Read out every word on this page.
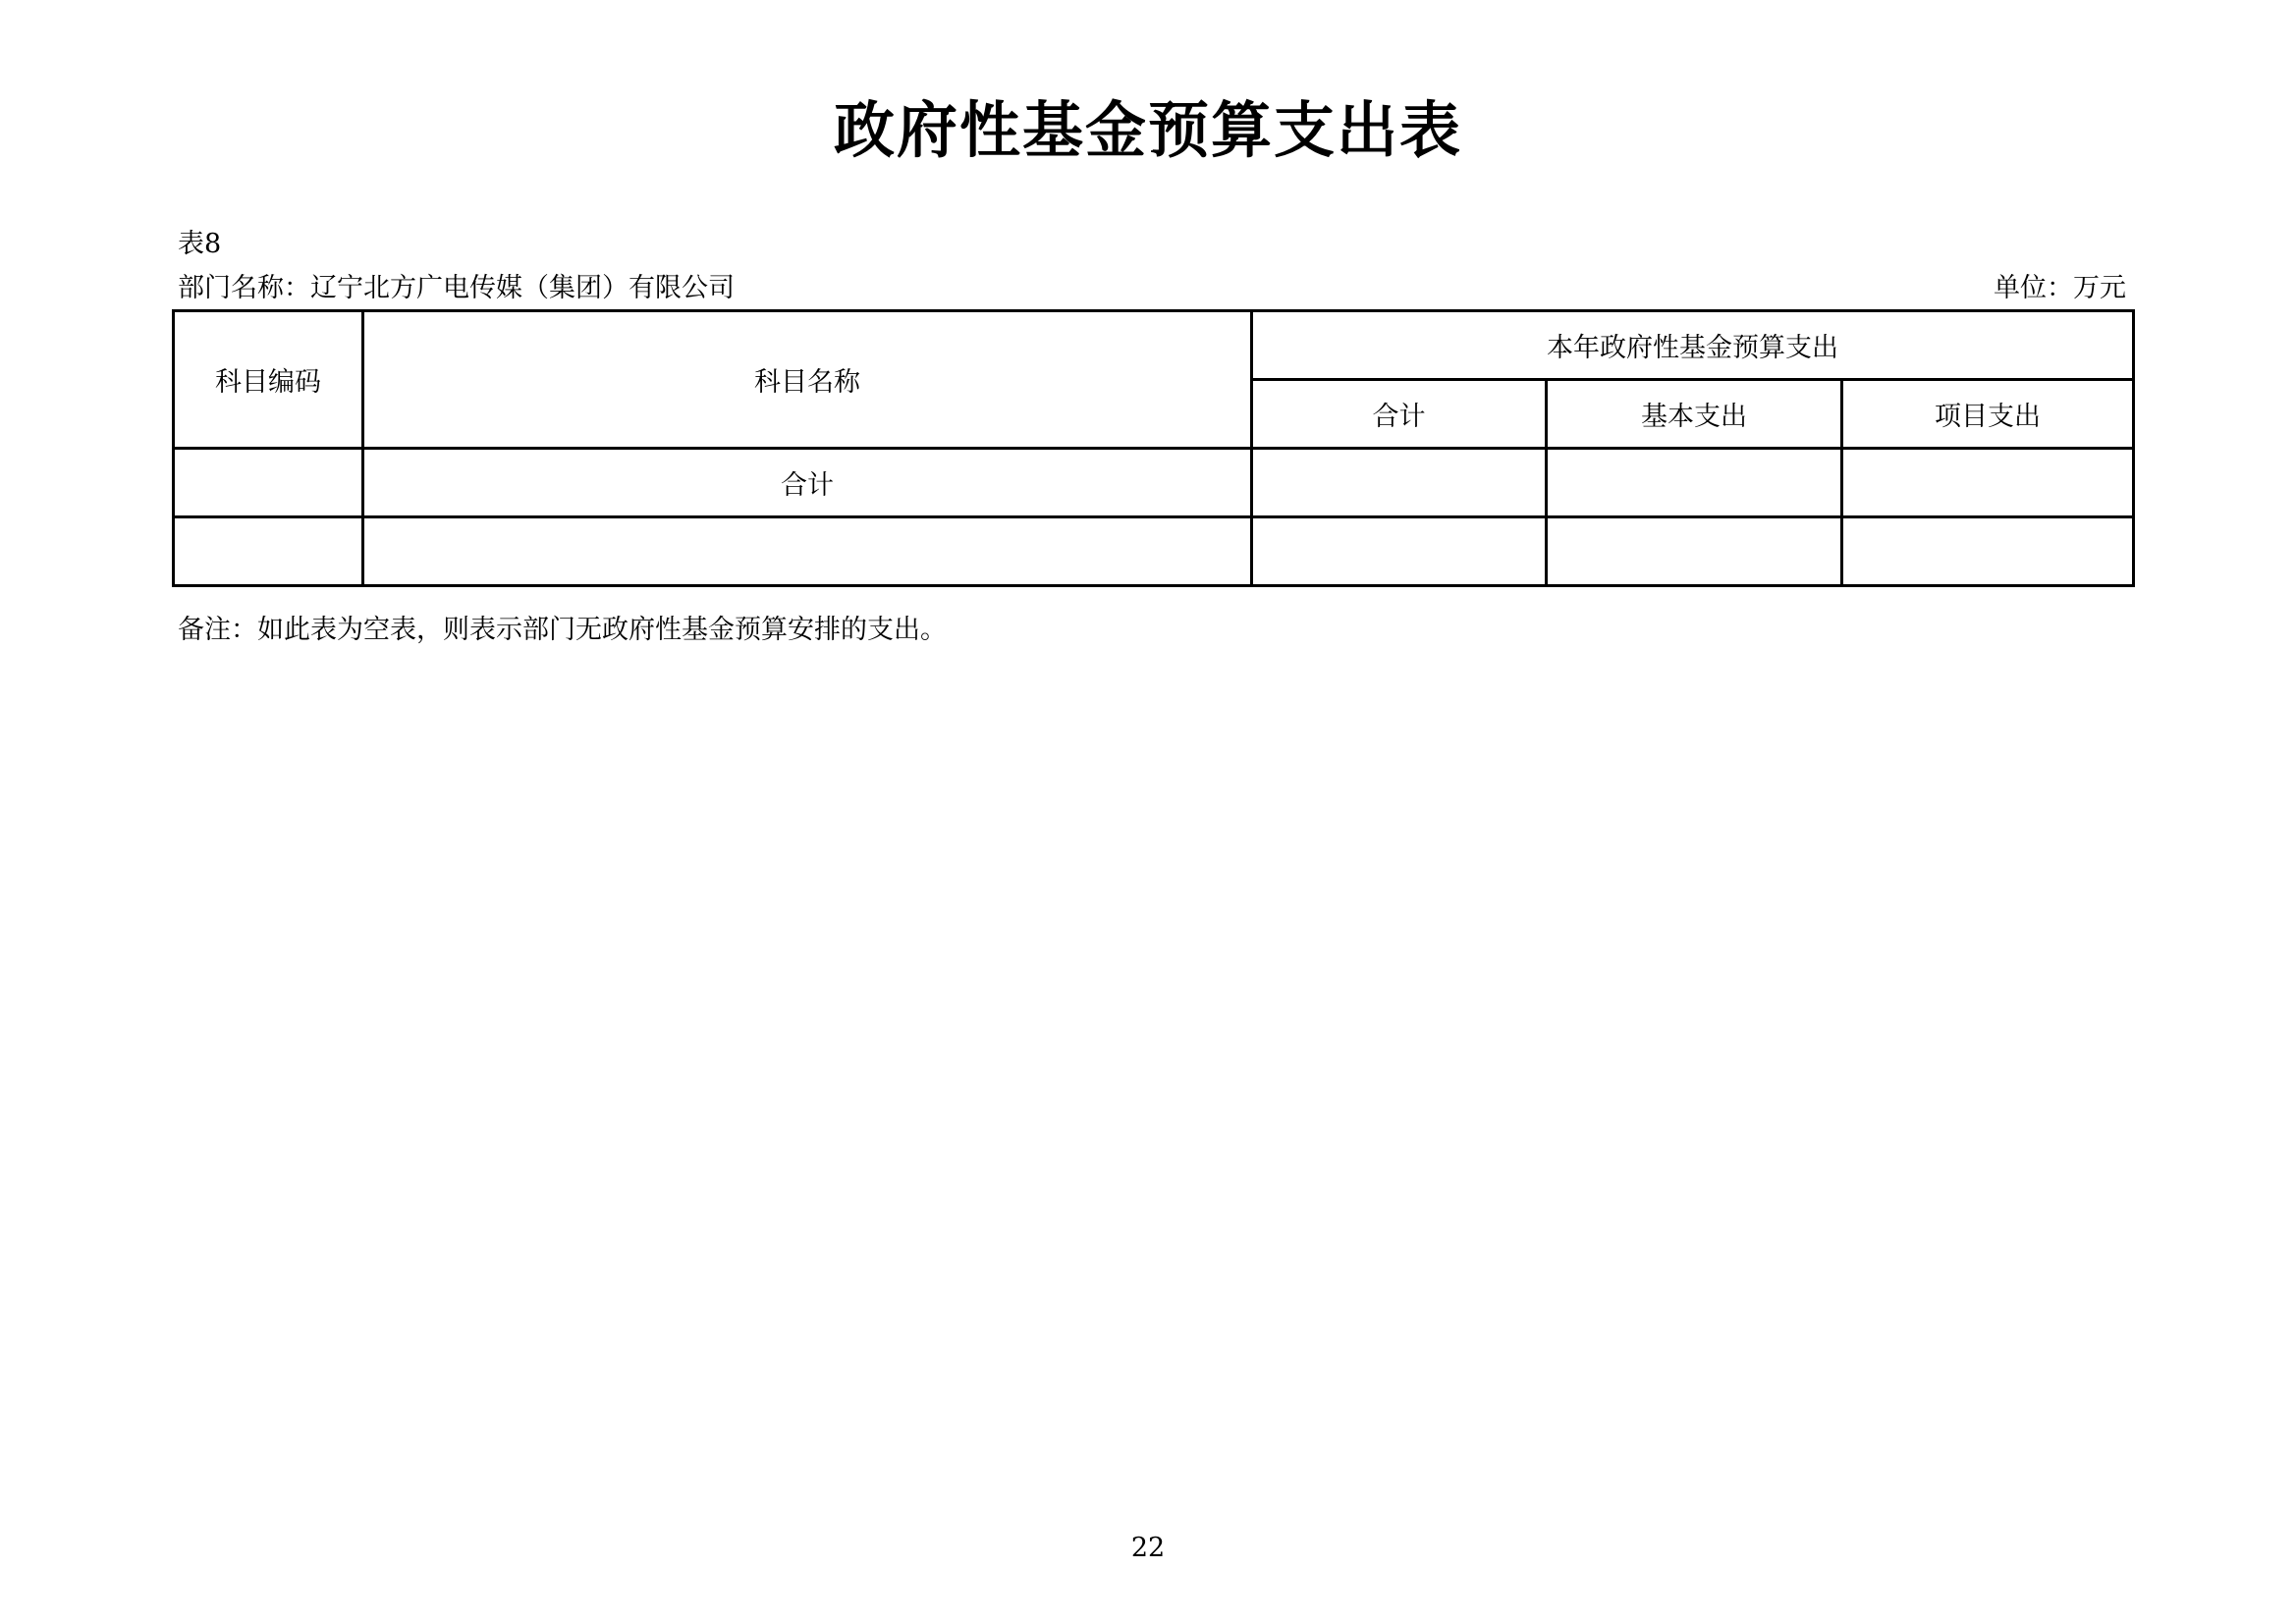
政府性基金预算支出表
表8
部门名称：辽宁北方广电传媒（集团）有限公司	单位：万元
科目编码	科目名称	本年政府性基金预算支出		
		合计	基本支出	项目支出
	合计			

备注：如此表为空表，则表示部门无政府性基金预算安排的支出。
22
